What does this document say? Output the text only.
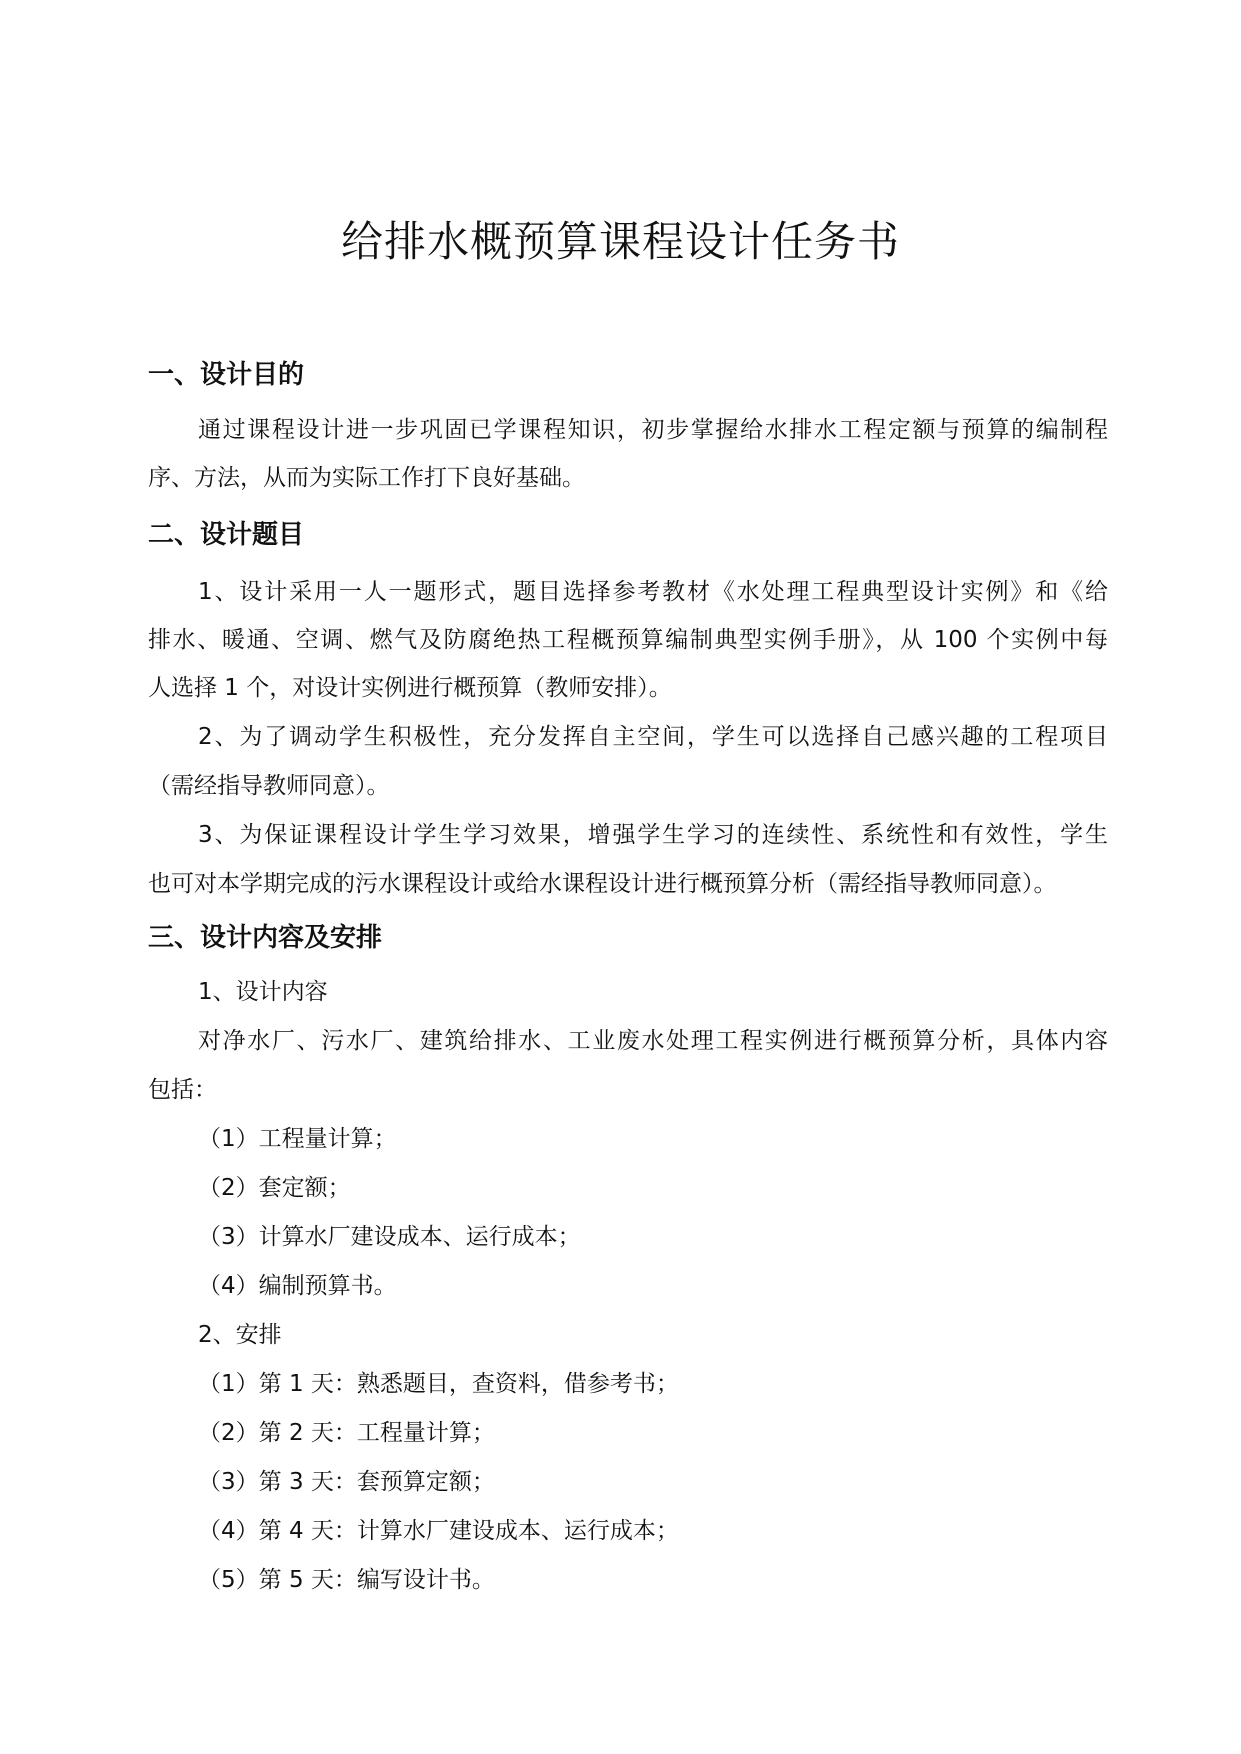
给排水概预算课程设计任务书
一、设计目的
通过课程设计进一步巩固已学课程知识，初步掌握给水排水工程定额与预算的编制程
序、方法，从而为实际工作打下良好基础。
二、设计题目
1、设计采用一人一题形式，题目选择参考教材《水处理工程典型设计实例》和《给
排水、暖通、空调、燃气及防腐绝热工程概预算编制典型实例手册》，从 100 个实例中每
人选择 1 个，对设计实例进行概预算（教师安排）。
2、为了调动学生积极性，充分发挥自主空间，学生可以选择自己感兴趣的工程项目
（需经指导教师同意）。
3、为保证课程设计学生学习效果，增强学生学习的连续性、系统性和有效性，学生
也可对本学期完成的污水课程设计或给水课程设计进行概预算分析（需经指导教师同意）。
三、设计内容及安排
1、设计内容
对净水厂、污水厂、建筑给排水、工业废水处理工程实例进行概预算分析，具体内容
包括：
（1）工程量计算；
（2）套定额；
（3）计算水厂建设成本、运行成本；
（4）编制预算书。
2、安排
（1）第 1 天：熟悉题目，查资料，借参考书；
（2）第 2 天：工程量计算；
（3）第 3 天：套预算定额；
（4）第 4 天：计算水厂建设成本、运行成本；
（5）第 5 天：编写设计书。
